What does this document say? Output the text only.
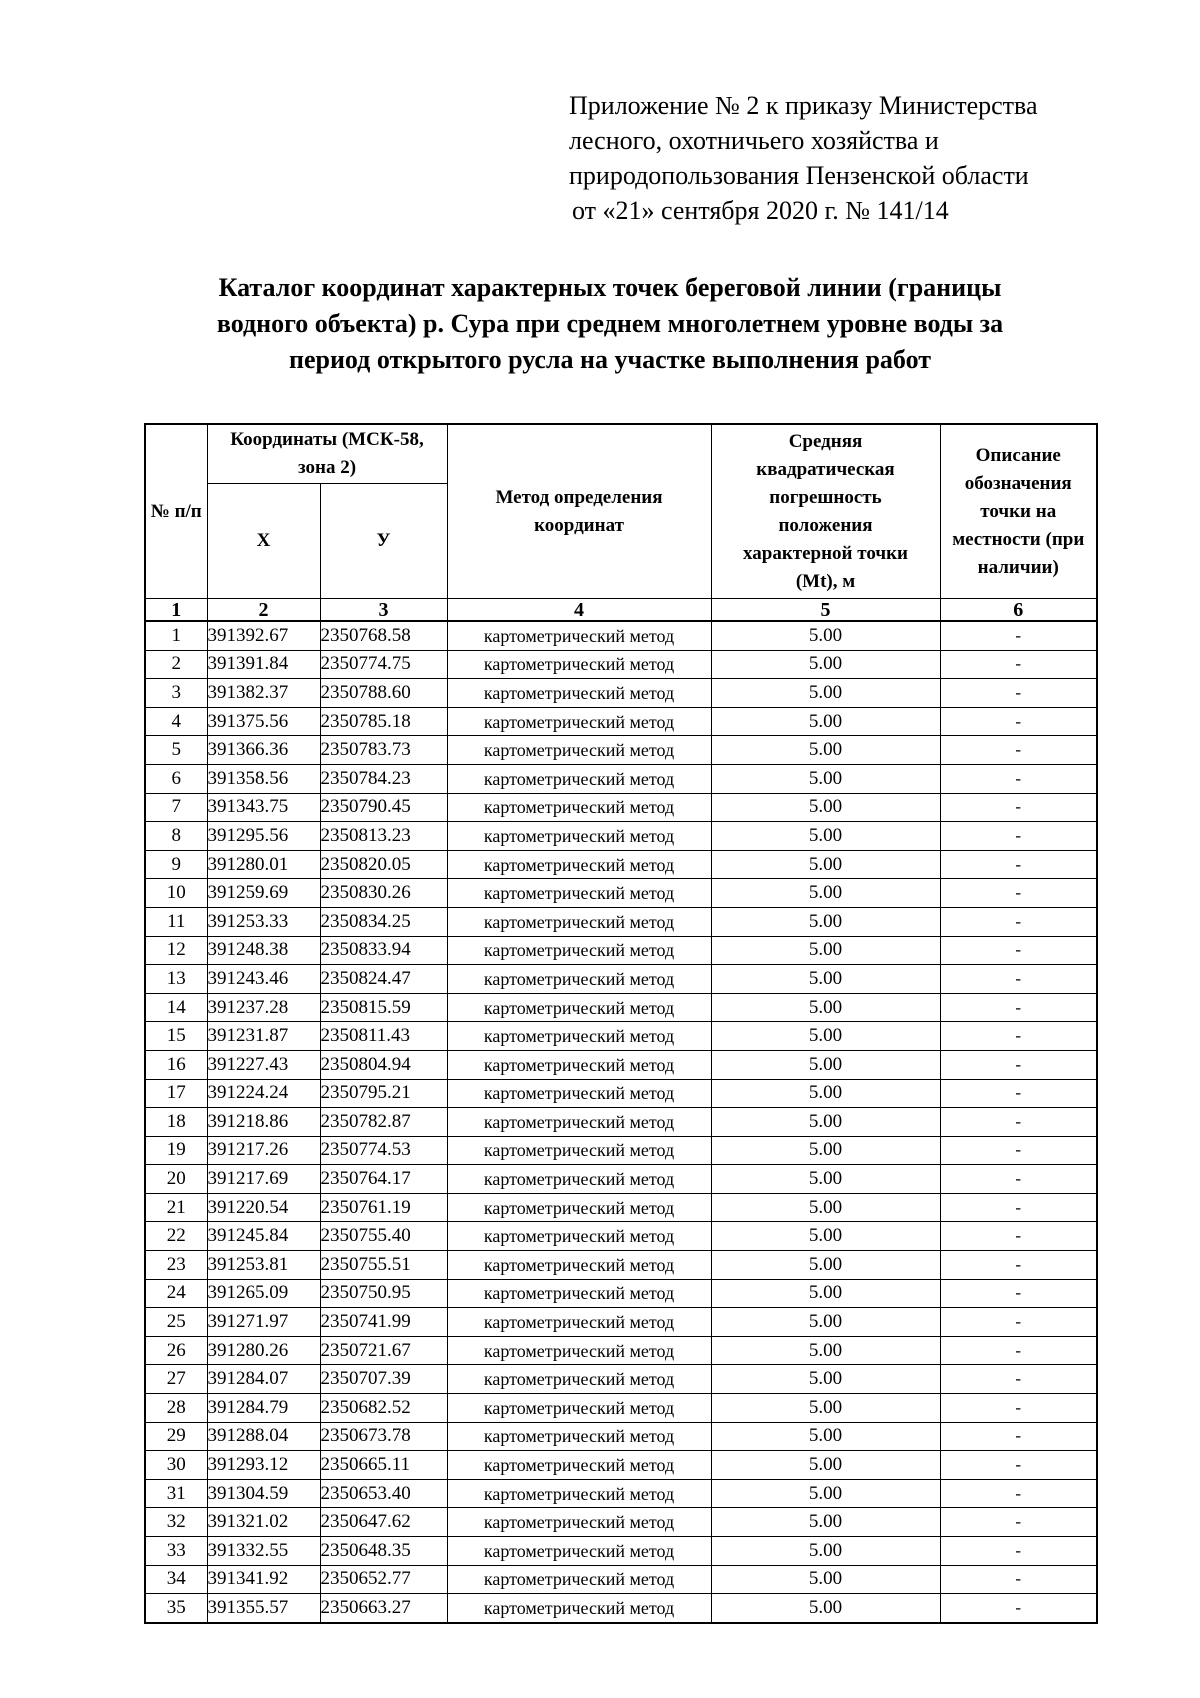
Приложение № 2 к приказу Министерства
лесного, охотничьего хозяйства и
природопользования Пензенской области
от «21» сентября 2020 г. № 141/14
Каталог координат характерных точек береговой линии (границы
водного объекта) р. Сура при среднем многолетнем уровне воды за
период открытого русла на участке выполнения работ
№ п/п	Координаты (МСК-58, зона 2)		Метод определения координат	Средняя квадратическая погрешность положения характерной точки (Mt), м	Описание обозначения точки на местности (при наличии)
	X	У			
1	2	3	4	5	6
1	391392.67	2350768.58	картометрический метод	5.00	-
2	391391.84	2350774.75	картометрический метод	5.00	-
3	391382.37	2350788.60	картометрический метод	5.00	-
4	391375.56	2350785.18	картометрический метод	5.00	-
5	391366.36	2350783.73	картометрический метод	5.00	-
6	391358.56	2350784.23	картометрический метод	5.00	-
7	391343.75	2350790.45	картометрический метод	5.00	-
8	391295.56	2350813.23	картометрический метод	5.00	-
9	391280.01	2350820.05	картометрический метод	5.00	-
10	391259.69	2350830.26	картометрический метод	5.00	-
11	391253.33	2350834.25	картометрический метод	5.00	-
12	391248.38	2350833.94	картометрический метод	5.00	-
13	391243.46	2350824.47	картометрический метод	5.00	-
14	391237.28	2350815.59	картометрический метод	5.00	-
15	391231.87	2350811.43	картометрический метод	5.00	-
16	391227.43	2350804.94	картометрический метод	5.00	-
17	391224.24	2350795.21	картометрический метод	5.00	-
18	391218.86	2350782.87	картометрический метод	5.00	-
19	391217.26	2350774.53	картометрический метод	5.00	-
20	391217.69	2350764.17	картометрический метод	5.00	-
21	391220.54	2350761.19	картометрический метод	5.00	-
22	391245.84	2350755.40	картометрический метод	5.00	-
23	391253.81	2350755.51	картометрический метод	5.00	-
24	391265.09	2350750.95	картометрический метод	5.00	-
25	391271.97	2350741.99	картометрический метод	5.00	-
26	391280.26	2350721.67	картометрический метод	5.00	-
27	391284.07	2350707.39	картометрический метод	5.00	-
28	391284.79	2350682.52	картометрический метод	5.00	-
29	391288.04	2350673.78	картометрический метод	5.00	-
30	391293.12	2350665.11	картометрический метод	5.00	-
31	391304.59	2350653.40	картометрический метод	5.00	-
32	391321.02	2350647.62	картометрический метод	5.00	-
33	391332.55	2350648.35	картометрический метод	5.00	-
34	391341.92	2350652.77	картометрический метод	5.00	-
35	391355.57	2350663.27	картометрический метод	5.00	-
